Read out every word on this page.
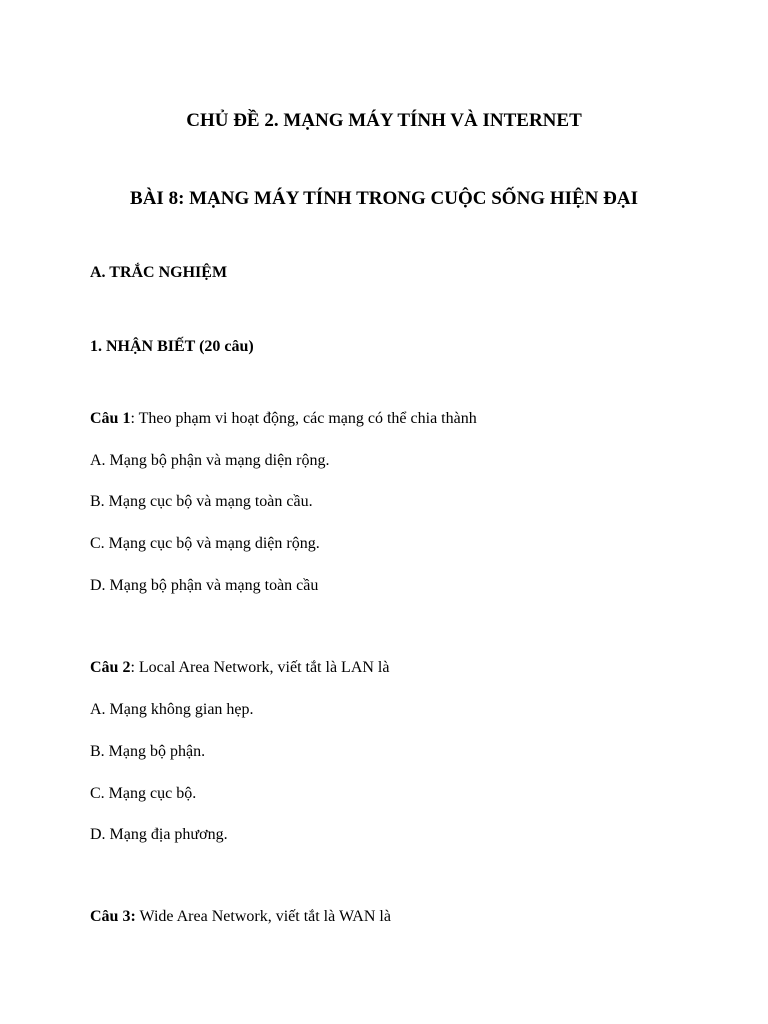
CHỦ ĐỀ 2. MẠNG MÁY TÍNH VÀ INTERNET
BÀI 8: MẠNG MÁY TÍNH TRONG CUỘC SỐNG HIỆN ĐẠI
A. TRẮC NGHIỆM
1. NHẬN BIẾT (20 câu)
Câu 1: Theo phạm vi hoạt động, các mạng có thể chia thành
A. Mạng bộ phận và mạng diện rộng.
B. Mạng cục bộ và mạng toàn cầu.
C. Mạng cục bộ và mạng diện rộng.
D. Mạng bộ phận và mạng toàn cầu
Câu 2: Local Area Network, viết tắt là LAN là
A. Mạng không gian hẹp.
B. Mạng bộ phận.
C. Mạng cục bộ.
D. Mạng địa phương.
Câu 3: Wide Area Network, viết tắt là WAN là
